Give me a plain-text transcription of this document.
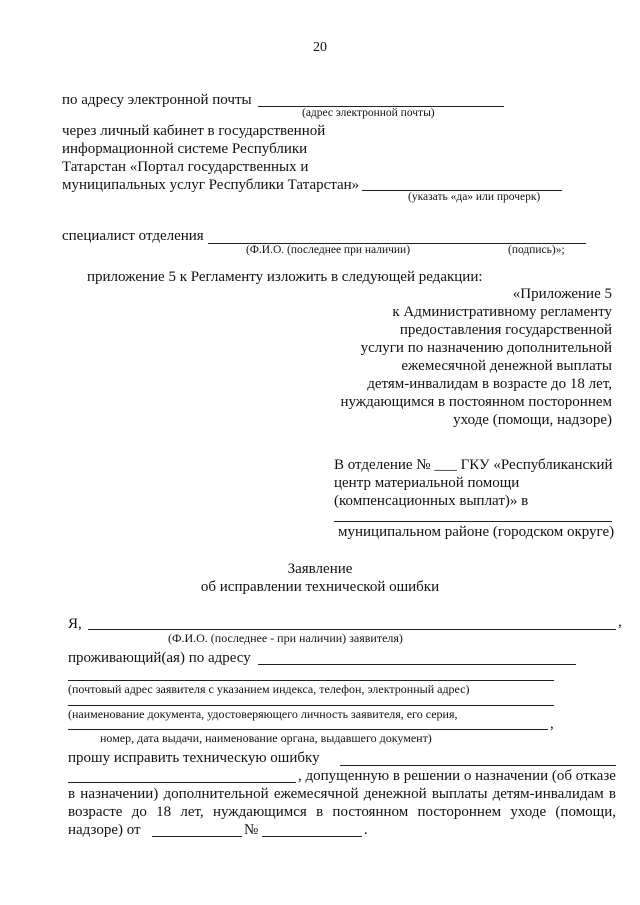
20
по адресу электронной почты
(адрес электронной почты)
через личный кабинет в государственной
информационной системе Республики
Татарстан «Портал государственных и
муниципальных услуг Республики Татарстан»
(указать «да» или прочерк)
специалист отделения
(Ф.И.О. (последнее при наличии)	(подпись)»;
приложение 5 к Регламенту изложить в следующей редакции:
«Приложение 5
к Административному регламенту
предоставления государственной
услуги по назначению дополнительной
ежемесячной денежной выплаты
детям-инвалидам в возрасте до 18 лет,
нуждающимся в постоянном постороннем
уходе (помощи, надзоре)
В отделение № ___ ГКУ «Республиканский
центр материальной помощи
(компенсационных выплат)» в
муниципальном районе (городском округе)
Заявление
об исправлении технической ошибки
Я,	,
(Ф.И.О. (последнее - при наличии) заявителя)
проживающий(ая) по адресу
(почтовый адрес заявителя с указанием индекса, телефон, электронный адрес)
(наименование документа, удостоверяющего личность заявителя, его серия,
,
номер, дата выдачи, наименование органа, выдавшего документ)
прошу исправить техническую ошибку
, допущенную в решении о назначении (об отказе
в назначении) дополнительной ежемесячной денежной выплаты детям-инвалидам в
возрасте до 18 лет, нуждающимся в постоянном постороннем уходе (помощи,
надзоре) от	№	.
